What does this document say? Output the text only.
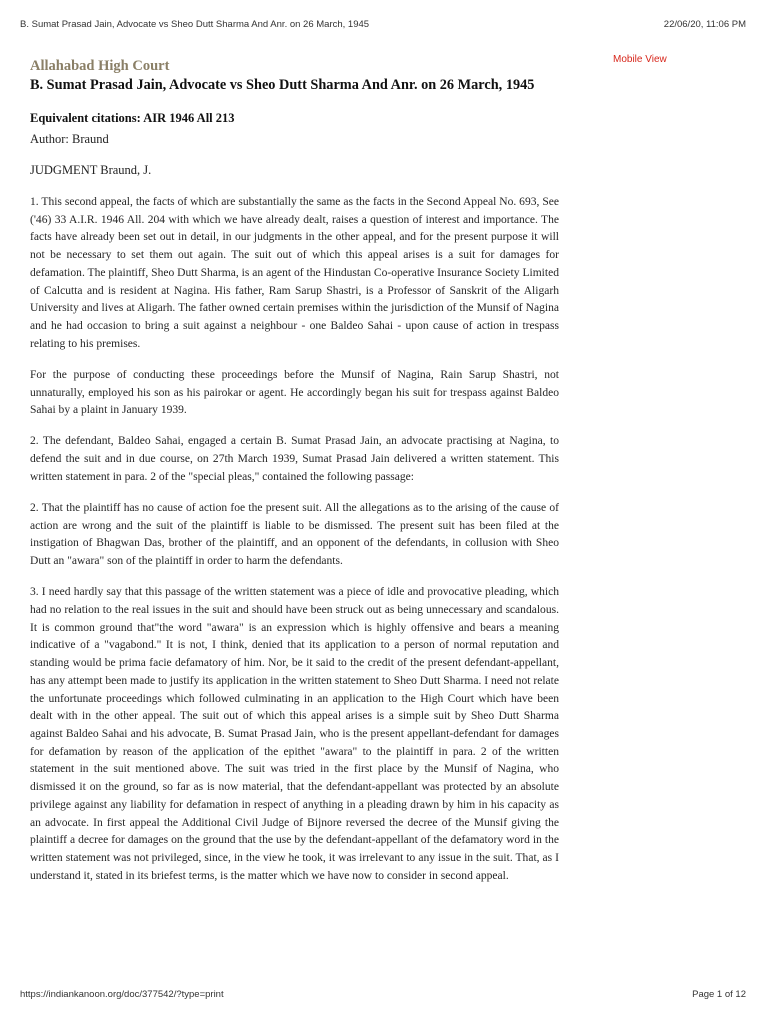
B. Sumat Prasad Jain, Advocate vs Sheo Dutt Sharma And Anr. on 26 March, 1945	22/06/20, 11:06 PM
Mobile View
Allahabad High Court
B. Sumat Prasad Jain, Advocate vs Sheo Dutt Sharma And Anr. on 26 March, 1945
Equivalent citations: AIR 1946 All 213
Author: Braund
JUDGMENT Braund, J.

1. This second appeal, the facts of which are substantially the same as the facts in the Second Appeal No. 693, See ('46) 33 A.I.R. 1946 All. 204 with which we have already dealt, raises a question of interest and importance. The facts have already been set out in detail, in our judgments in the other appeal, and for the present purpose it will not be necessary to set them out again. The suit out of which this appeal arises is a suit for damages for defamation. The plaintiff, Sheo Dutt Sharma, is an agent of the Hindustan Co-operative Insurance Society Limited of Calcutta and is resident at Nagina. His father, Ram Sarup Shastri, is a Professor of Sanskrit of the Aligarh University and lives at Aligarh. The father owned certain premises within the jurisdiction of the Munsif of Nagina and he had occasion to bring a suit against a neighbour - one Baldeo Sahai - upon cause of action in trespass relating to his premises.

For the purpose of conducting these proceedings before the Munsif of Nagina, Rain Sarup Shastri, not unnaturally, employed his son as his pairokar or agent. He accordingly began his suit for trespass against Baldeo Sahai by a plaint in January 1939.

2. The defendant, Baldeo Sahai, engaged a certain B. Sumat Prasad Jain, an advocate practising at Nagina, to defend the suit and in due course, on 27th March 1939, Sumat Prasad Jain delivered a written statement. This written statement in para. 2 of the "special pleas," contained the following passage:

2. That the plaintiff has no cause of action foe the present suit. All the allegations as to the arising of the cause of action are wrong and the suit of the plaintiff is liable to be dismissed. The present suit has been filed at the instigation of Bhagwan Das, brother of the plaintiff, and an opponent of the defendants, in collusion with Sheo Dutt an "awara" son of the plaintiff in order to harm the defendants.

3. I need hardly say that this passage of the written statement was a piece of idle and provocative pleading, which had no relation to the real issues in the suit and should have been struck out as being unnecessary and scandalous. It is common ground that"the word "awara" is an expression which is highly offensive and bears a meaning indicative of a "vagabond." It is not, I think, denied that its application to a person of normal reputation and standing would be prima facie defamatory of him. Nor, be it said to the credit of the present defendant-appellant, has any attempt been made to justify its application in the written statement to Sheo Dutt Sharma. I need not relate the unfortunate proceedings which followed culminating in an application to the High Court which have been dealt with in the other appeal. The suit out of which this appeal arises is a simple suit by Sheo Dutt Sharma against Baldeo Sahai and his advocate, B. Sumat Prasad Jain, who is the present appellant-defendant for damages for defamation by reason of the application of the epithet "awara" to the plaintiff in para. 2 of the written statement in the suit mentioned above. The suit was tried in the first place by the Munsif of Nagina, who dismissed it on the ground, so far as is now material, that the defendant-appellant was protected by an absolute privilege against any liability for defamation in respect of anything in a pleading drawn by him in his capacity as an advocate. In first appeal the Additional Civil Judge of Bijnore reversed the decree of the Munsif giving the plaintiff a decree for damages on the ground that the use by the defendant-appellant of the defamatory word in the written statement was not privileged, since, in the view he took, it was irrelevant to any issue in the suit. That, as I understand it, stated in its briefest terms, is the matter which we have now to consider in second appeal.

https://indiankanoon.org/doc/377542/?type=print	Page 1 of 12
